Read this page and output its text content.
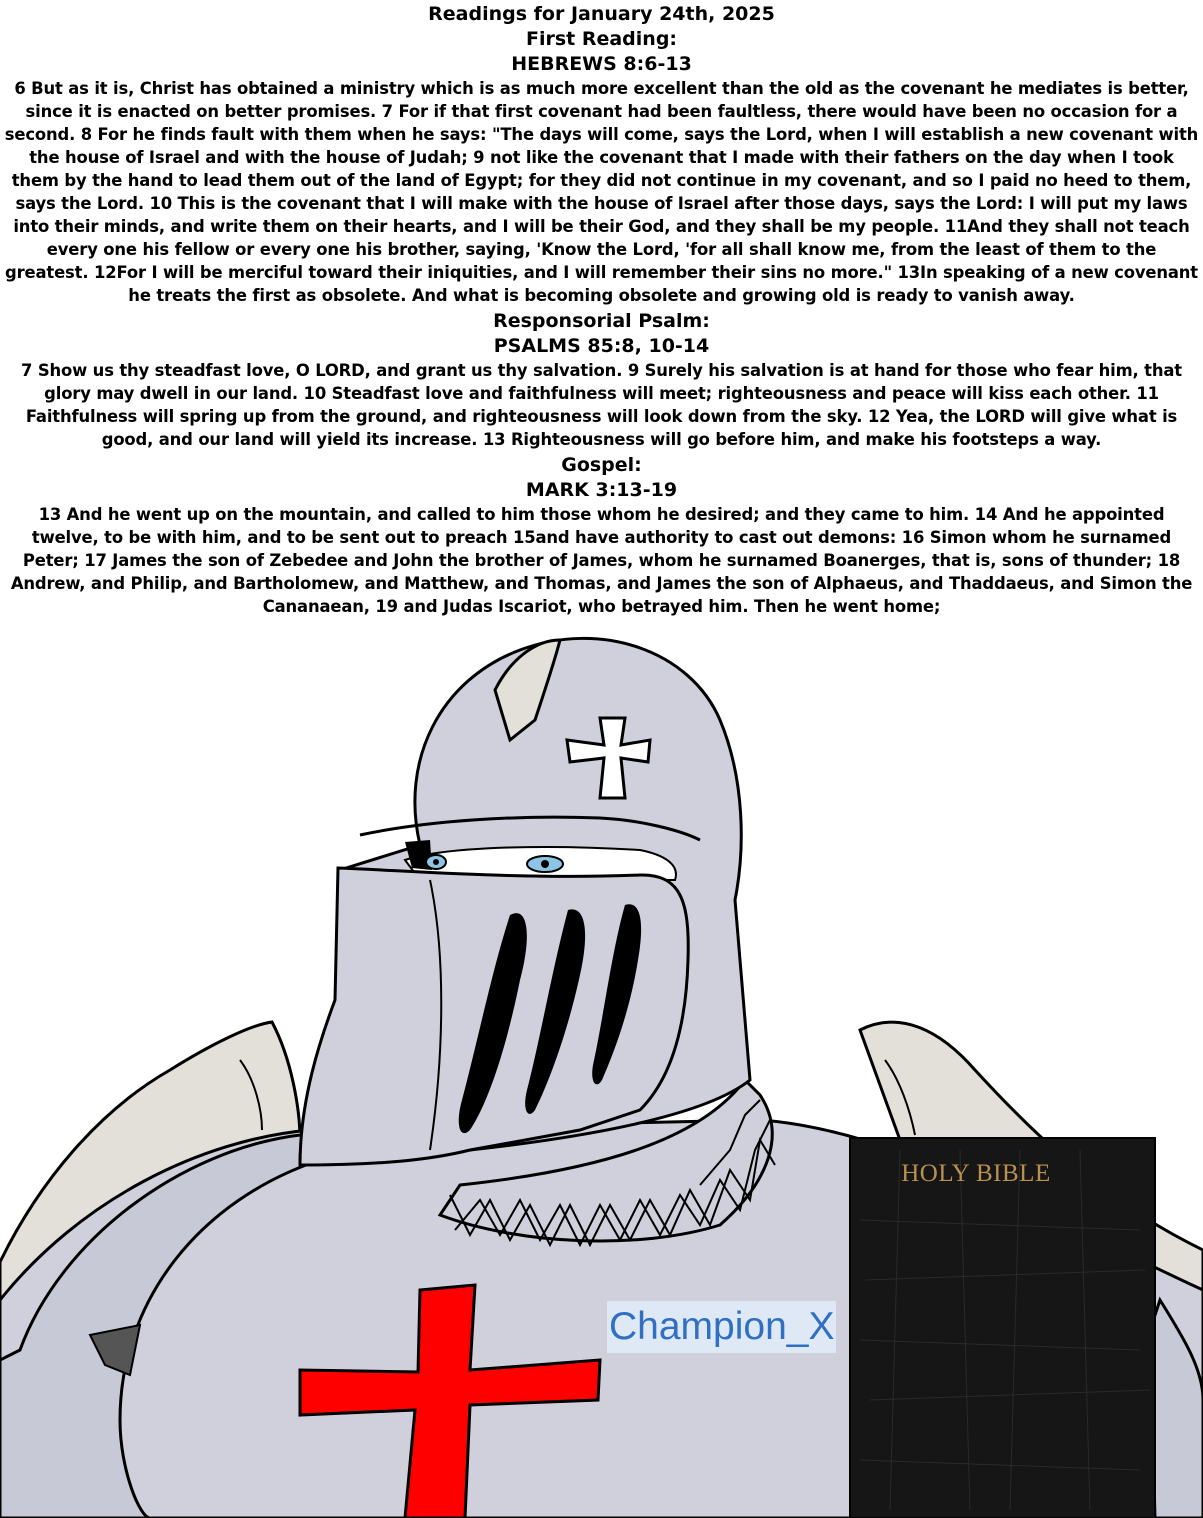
Readings for January 24th, 2025
First Reading:
HEBREWS 8:6-13
6 But as it is, Christ has obtained a ministry which is as much more excellent than the old as the covenant he mediates is better, since it is enacted on better promises. 7 For if that first covenant had been faultless, there would have been no occasion for a second. 8 For he finds fault with them when he says: "The days will come, says the Lord, when I will establish a new covenant with the house of Israel and with the house of Judah; 9 not like the covenant that I made with their fathers on the day when I took them by the hand to lead them out of the land of Egypt; for they did not continue in my covenant, and so I paid no heed to them, says the Lord. 10 This is the covenant that I will make with the house of Israel after those days, says the Lord: I will put my laws into their minds, and write them on their hearts, and I will be their God, and they shall be my people. 11And they shall not teach every one his fellow or every one his brother, saying, 'Know the Lord, 'for all shall know me, from the least of them to the greatest. 12For I will be merciful toward their iniquities, and I will remember their sins no more." 13In speaking of a new covenant he treats the first as obsolete. And what is becoming obsolete and growing old is ready to vanish away.
Responsorial Psalm:
PSALMS 85:8, 10-14
7 Show us thy steadfast love, O LORD, and grant us thy salvation. 9 Surely his salvation is at hand for those who fear him, that glory may dwell in our land. 10 Steadfast love and faithfulness will meet; righteousness and peace will kiss each other. 11 Faithfulness will spring up from the ground, and righteousness will look down from the sky. 12 Yea, the LORD will give what is good, and our land will yield its increase. 13 Righteousness will go before him, and make his footsteps a way.
Gospel:
MARK 3:13-19
13 And he went up on the mountain, and called to him those whom he desired; and they came to him. 14 And he appointed twelve, to be with him, and to be sent out to preach 15and have authority to cast out demons: 16 Simon whom he surnamed Peter; 17 James the son of Zebedee and John the brother of James, whom he surnamed Boanerges, that is, sons of thunder; 18 Andrew, and Philip, and Bartholomew, and Matthew, and Thomas, and James the son of Alphaeus, and Thaddaeus, and Simon the Cananaean, 19 and Judas Iscariot, who betrayed him. Then he went home;
HOLY BIBLE
Champion_X
